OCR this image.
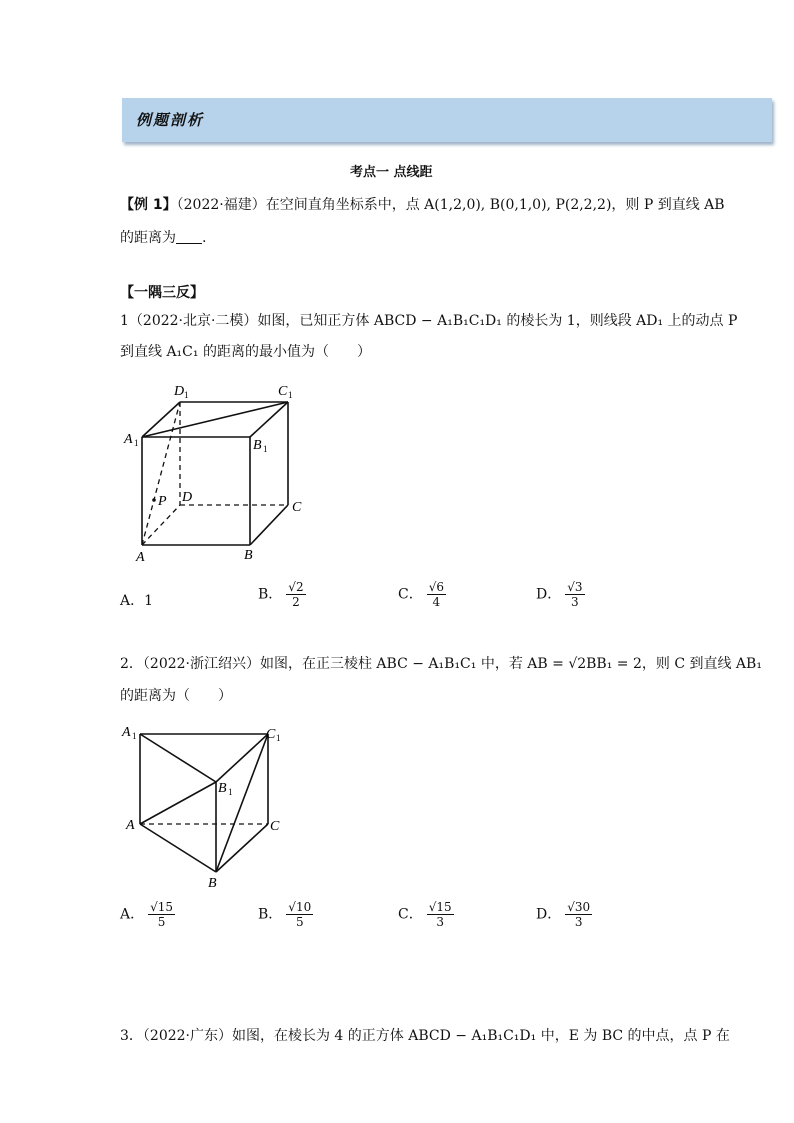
例题剖析
考点一 点线距
【例 1】（2022·福建）在空间直角坐标系中，点 A(1,2,0), B(0,1,0), P(2,2,2)，则 P 到直线 AB
的距离为 .
【一隅三反】
1（2022·北京·二模）如图，已知正方体 ABCD − A₁B₁C₁D₁ 的棱长为 1，则线段 AD₁ 上的动点 P
到直线 A₁C₁ 的距离的最小值为（　　）
D 1	C 1
A 1	B 1
P D
C
A	B
A．1	B． $\frac{√2}{2}$	C． $\frac{√6}{4}$	D． $\frac{√3}{3}$
2．（2022·浙江绍兴）如图，在正三棱柱 ABC − A₁B₁C₁ 中，若 AB = √2BB₁ = 2，则 C 到直线 AB₁
的距离为（　　）
A 1	C 1
B 1
A	C
B
A． $\frac{√15}{5}$	B． $\frac{√10}{5}$	C． $\frac{√15}{3}$	D． $\frac{√30}{3}$
3．（2022·广东）如图，在棱长为 4 的正方体 ABCD − A₁B₁C₁D₁ 中，E 为 BC 的中点，点 P 在
